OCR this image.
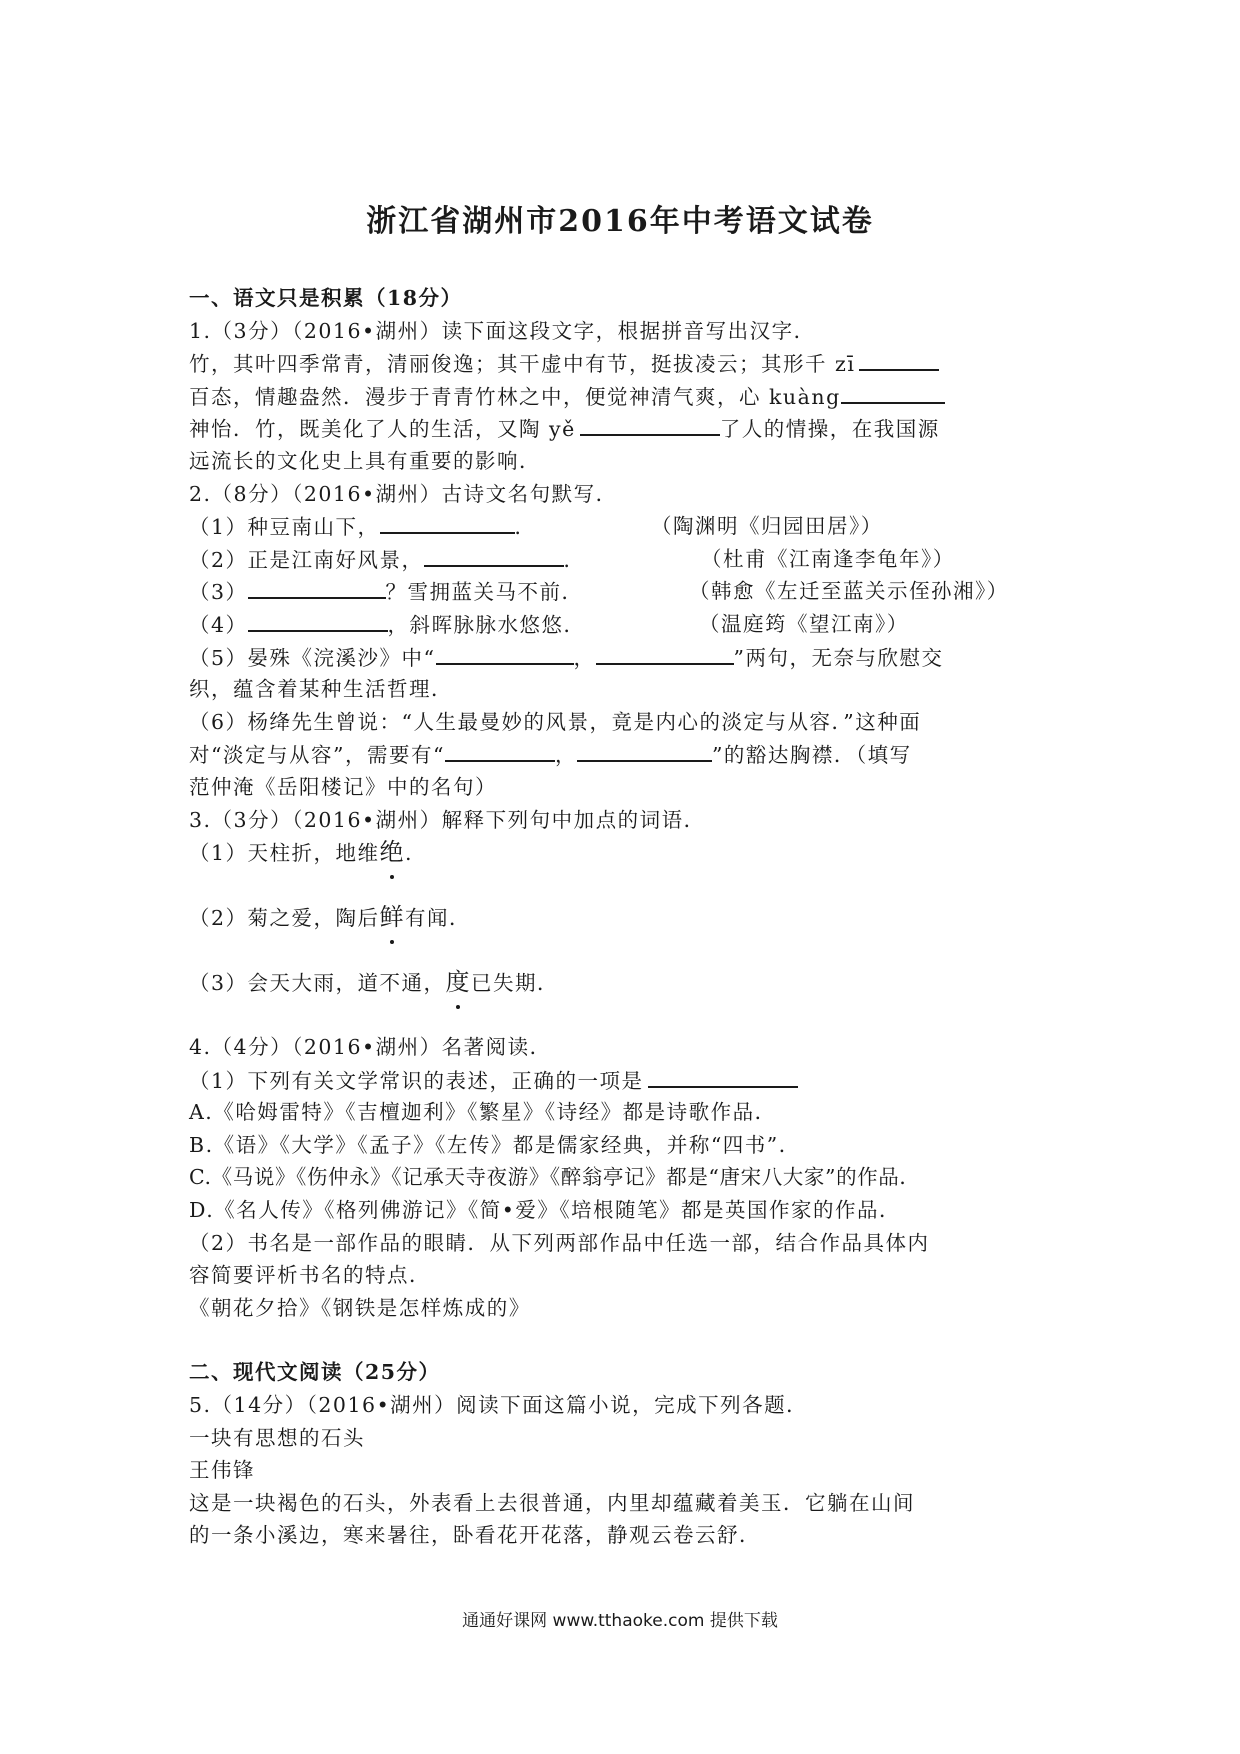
浙江省湖州市2016年中考语文试卷
一、语文只是积累（18分）
1.（3分）（2016•湖州）读下面这段文字，根据拼音写出汉字．
竹，其叶四季常青，清丽俊逸；其干虚中有节，挺拔凌云；其形千 zī
百态，情趣盎然．漫步于青青竹林之中，便觉神清气爽，心 kuàng
神怡．竹，既美化了人的生活，又陶 yě	了人的情操，在我国源
远流长的文化史上具有重要的影响．
2.（8分）（2016•湖州）古诗文名句默写．
（1）种豆南山下，	．	（陶渊明《归园田居》）
（2）正是江南好风景，	．	（杜甫《江南逢李龟年》）
（3）	？雪拥蓝关马不前．	（韩愈《左迁至蓝关示侄孙湘》）
（4）	，斜晖脉脉水悠悠．	（温庭筠《望江南》）
（5）晏殊《浣溪沙》中“	，	”两句，无奈与欣慰交
织，蕴含着某种生活哲理．
（6）杨绛先生曾说：“人生最曼妙的风景，竟是内心的淡定与从容．”这种面
对“淡定与从容”，需要有“	，	”的豁达胸襟．（填写
范仲淹《岳阳楼记》中的名句）
3.（3分）（2016•湖州）解释下列句中加点的词语．
（1）天柱折，地维绝.
（2）菊之爱，陶后鲜有闻．
（3）会天大雨，道不通，度已失期．
4.（4分）（2016•湖州）名著阅读．
（1）下列有关文学常识的表述，正确的一项是
A.《哈姆雷特》《吉檀迦利》《繁星》《诗经》都是诗歌作品．
B.《语》《大学》《孟子》《左传》都是儒家经典，并称“四书”．
C.《马说》《伤仲永》《记承天寺夜游》《醉翁亭记》都是“唐宋八大家”的作品．
D.《名人传》《格列佛游记》《简•爱》《培根随笔》都是英国作家的作品．
（2）书名是一部作品的眼睛．从下列两部作品中任选一部，结合作品具体内
容简要评析书名的特点．
《朝花夕拾》《钢铁是怎样炼成的》
二、现代文阅读（25分）
5.（14分）（2016•湖州）阅读下面这篇小说，完成下列各题．
一块有思想的石头
王伟锋
这是一块褐色的石头，外表看上去很普通，内里却蕴藏着美玉．它躺在山间
的一条小溪边，寒来暑往，卧看花开花落，静观云卷云舒．
通通好课网 www.tthaoke.com 提供下载
